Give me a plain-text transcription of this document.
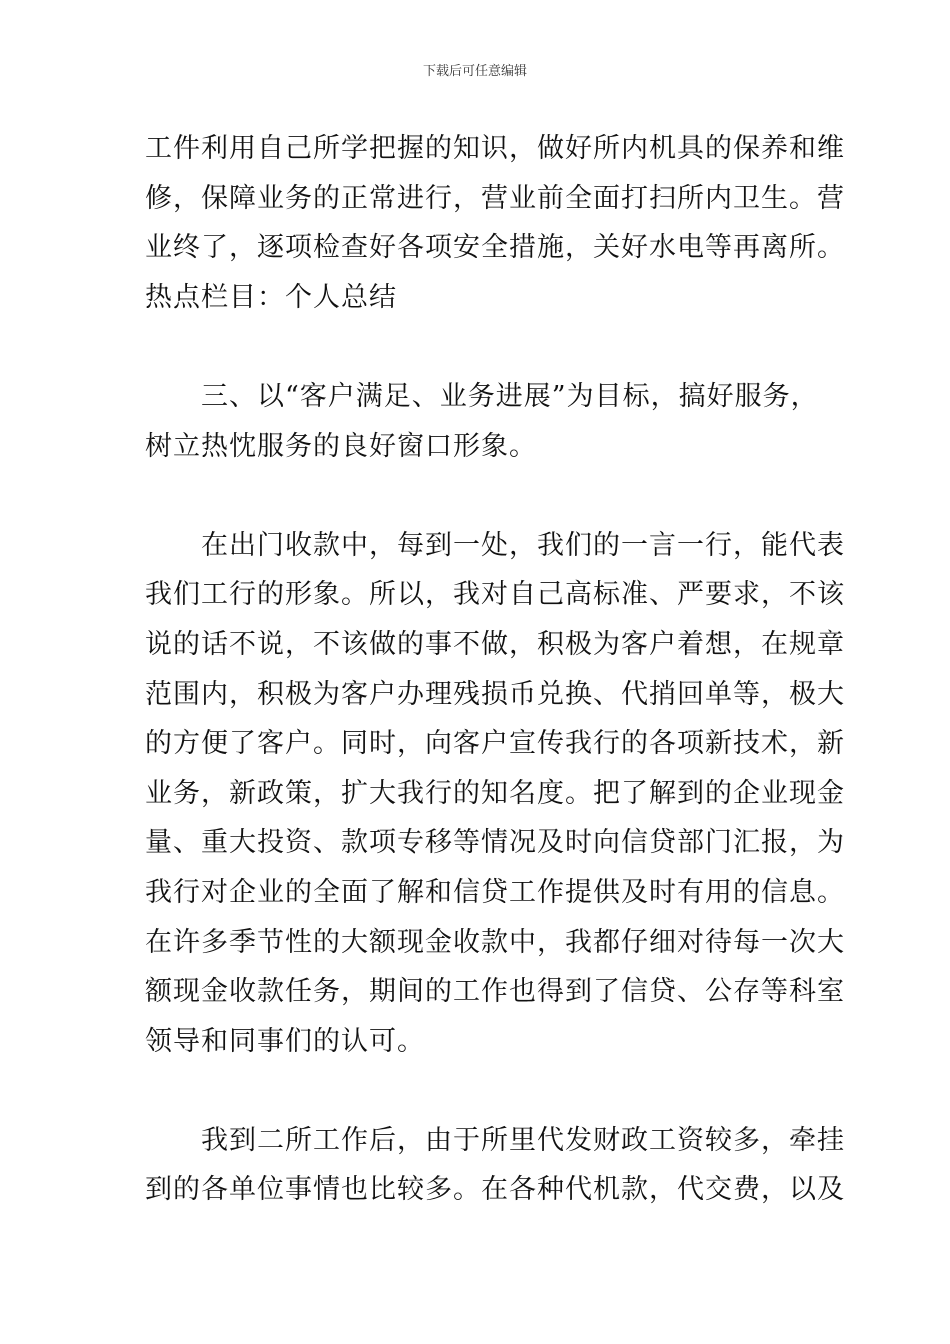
下载后可任意编辑
工件利用自己所学把握的知识，做好所内机具的保养和维
修，保障业务的正常进行，营业前全面打扫所内卫生。营
业终了，逐项检查好各项安全措施，关好水电等再离所。
热点栏目：个人总结
　　三、以“客户满足、业务进展”为目标，搞好服务，
树立热忱服务的良好窗口形象。
　　在出门收款中，每到一处，我们的一言一行，能代表
我们工行的形象。所以，我对自己高标准、严要求，不该
说的话不说，不该做的事不做，积极为客户着想，在规章
范围内，积极为客户办理残损币兑换、代捎回单等，极大
的方便了客户。同时，向客户宣传我行的各项新技术，新
业务，新政策，扩大我行的知名度。把了解到的企业现金
量、重大投资、款项专移等情况及时向信贷部门汇报，为
我行对企业的全面了解和信贷工作提供及时有用的信息。
在许多季节性的大额现金收款中，我都仔细对待每一次大
额现金收款任务，期间的工作也得到了信贷、公存等科室
领导和同事们的认可。
　　我到二所工作后，由于所里代发财政工资较多，牵挂
到的各单位事情也比较多。在各种代机款，代交费，以及
